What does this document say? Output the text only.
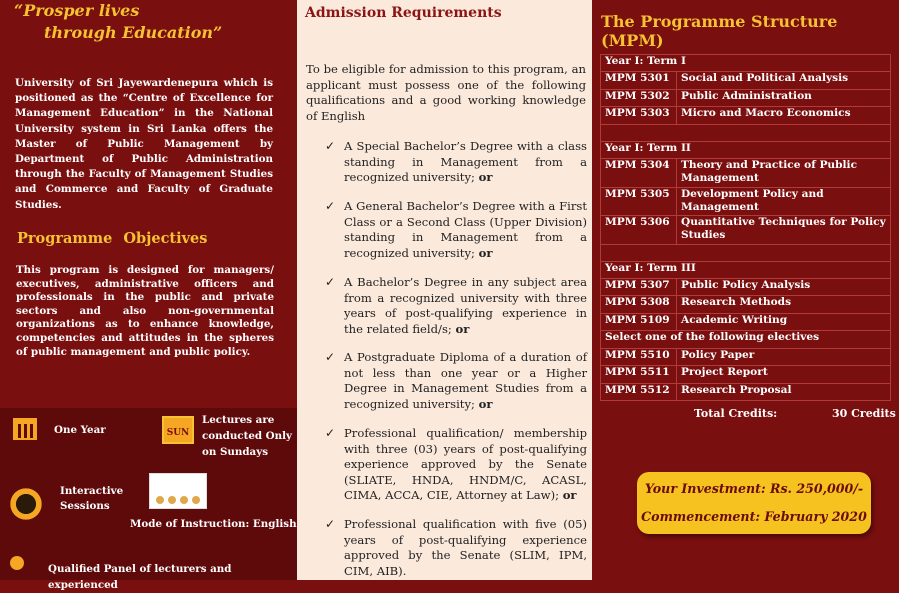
“Prosper lives
through Education”

University of Sri Jayewardenepura which is positioned as the “Centre of Excellence for Management Education” in the National University system in Sri Lanka offers the Master of Public Management by Department of Public Administration through the Faculty of Management Studies and Commerce and Faculty of Graduate Studies.

Programme Objectives

This program is designed for managers/ executives, administrative officers and professionals in the public and private sectors and also non-governmental organizations as to enhance knowledge, competencies and attitudes in the spheres of public management and public policy.

One Year	SUN
Lectures are
conducted Only
on Sundays
Interactive
Sessions
Mode of Instruction: English
Qualified Panel of lecturers and experienced
Admission Requirements

To be eligible for admission to this program, an applicant must possess one of the following qualifications and a good working knowledge of English

✓ A Special Bachelor’s Degree with a class standing in Management from a recognized university; or
✓ A General Bachelor’s Degree with a First Class or a Second Class (Upper Division) standing in Management from a recognized university; or
✓ A Bachelor’s Degree in any subject area from a recognized university with three years of post-qualifying experience in the related field/s; or
✓ A Postgraduate Diploma of a duration of not less than one year or a Higher Degree in Management Studies from a recognized university; or
✓ Professional qualification/ membership with three (03) years of post-qualifying experience approved by the Senate (SLIATE, HNDA, HNDM/C, ACASL, CIMA, ACCA, CIE, Attorney at Law); or
✓ Professional qualification with five (05) years of post-qualifying experience approved by the Senate (SLIM, IPM, CIM, AIB).
The Programme Structure (MPM)
Year I: Term I	
MPM 5301	Social and Political Analysis
MPM 5302	Public Administration
MPM 5303	Micro and Macro Economics

Year I: Term II	
MPM 5304	Theory and Practice of Public Management
MPM 5305	Development Policy and Management
MPM 5306	Quantitative Techniques for Policy Studies

Year I: Term III	
MPM 5307	Public Policy Analysis
MPM 5308	Research Methods
MPM 5109	Academic Writing
Select one of the following electives	
MPM 5510	Policy Paper
MPM 5511	Project Report
MPM 5512	Research Proposal
Total Credits:	30 Credits
Your Investment: Rs. 250,000/-
Commencement: February 2020
